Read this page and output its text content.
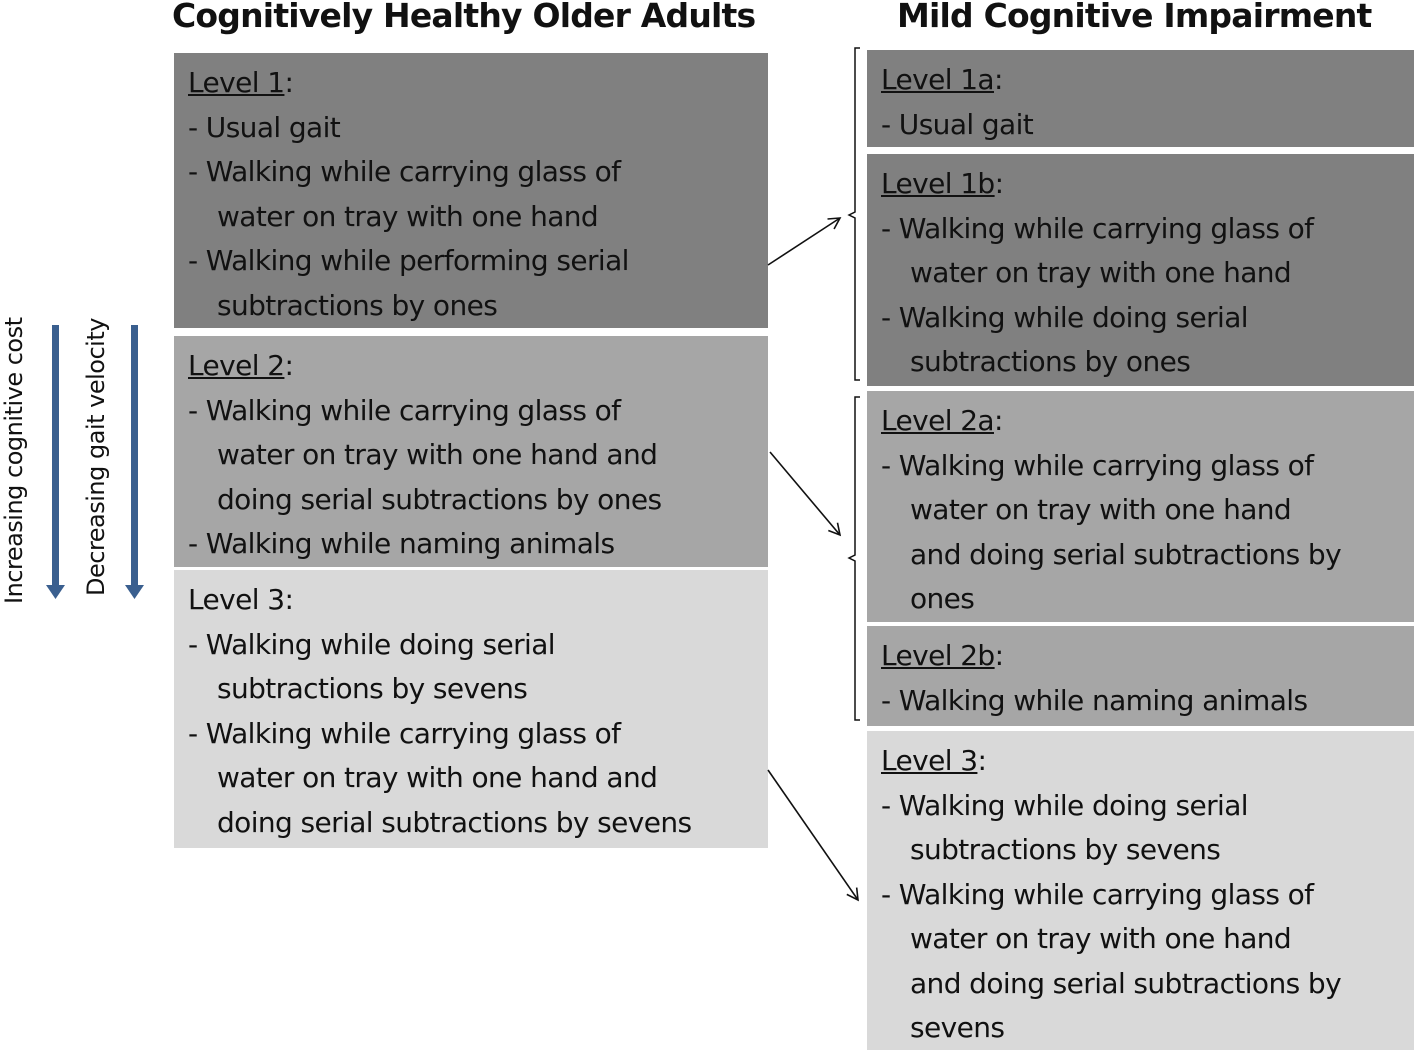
Cognitively Healthy Older Adults	Mild Cognitive Impairment
Increasing cognitive cost Decreasing gait velocity
Level 1:
- Usual gait
- Walking while carrying glass of
water on tray with one hand
- Walking while performing serial
subtractions by ones
Level 2:
- Walking while carrying glass of
water on tray with one hand and
doing serial subtractions by ones
- Walking while naming animals
Level 3:
- Walking while doing serial
subtractions by sevens
- Walking while carrying glass of
water on tray with one hand and
doing serial subtractions by sevens
Level 1a:
- Usual gait
Level 1b:
- Walking while carrying glass of
water on tray with one hand
- Walking while doing serial
subtractions by ones
Level 2a:
- Walking while carrying glass of
water on tray with one hand
and doing serial subtractions by
ones
Level 2b:
- Walking while naming animals
Level 3:
- Walking while doing serial
subtractions by sevens
- Walking while carrying glass of
water on tray with one hand
and doing serial subtractions by
sevens
